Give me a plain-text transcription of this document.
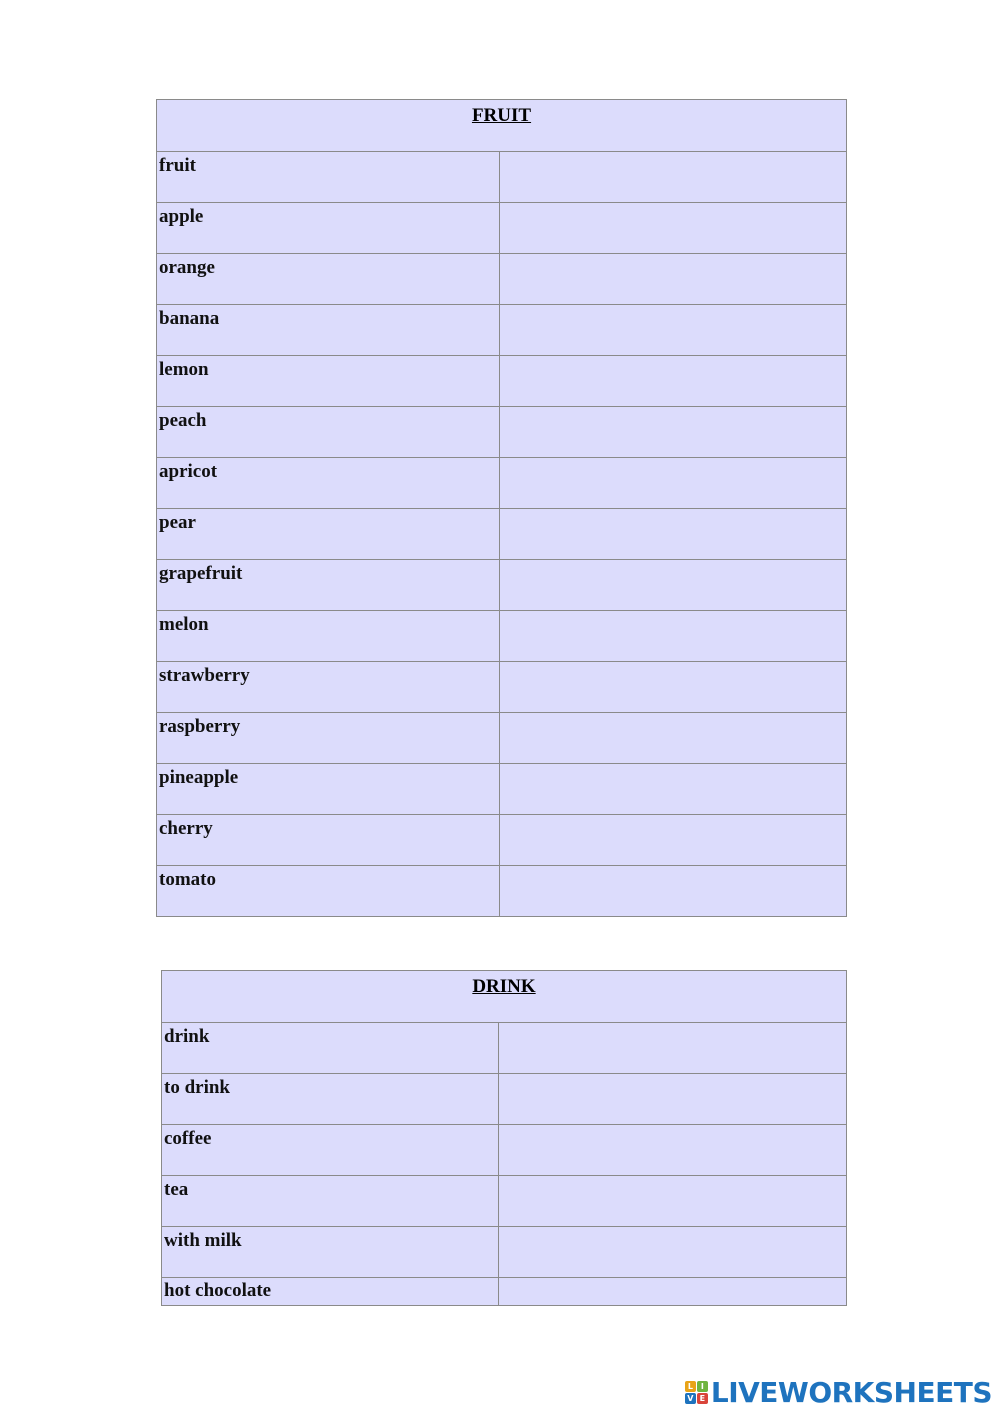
FRUIT	
fruit	
apple	
orange	
banana	
lemon	
peach	
apricot	
pear	
grapefruit	
melon	
strawberry	
raspberry	
pineapple	
cherry	
tomato	
DRINK	
drink	
to drink	
coffee	
tea	
with milk	
hot chocolate	
L I
V E LIVEWORKSHEETS
